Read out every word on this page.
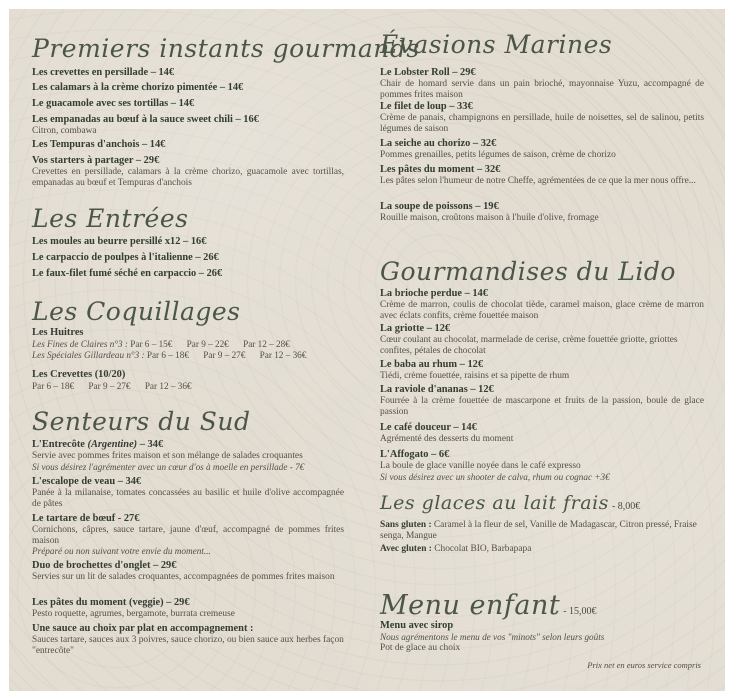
Premiers instants gourmands
Les crevettes en persillade – 14€
Les calamars à la crème chorizo pimentée – 14€
Le guacamole avec ses tortillas – 14€
Les empanadas au bœuf à la sauce sweet chili – 16€
Citron, combawa
Les Tempuras d'anchois – 14€
Vos starters à partager – 29€
Crevettes en persillade, calamars à la crème chorizo, guacamole avec tortillas, empanadas au bœuf et Tempuras d'anchois
Les Entrées
Les moules au beurre persillé x12 – 16€
Le carpaccio de poulpes à l'italienne – 26€
Le faux-filet fumé séché en carpaccio – 26€
Les Coquillages
Les Huitres
Les Fines de Claires n°3 : Par 6 – 15€ Par 9 – 22€ Par 12 – 28€
Les Spéciales Gillardeau n°3 : Par 6 – 18€ Par 9 – 27€ Par 12 – 36€
Les Crevettes (10/20)
Par 6 – 18€ Par 9 – 27€ Par 12 – 36€
Senteurs du Sud
L'Entrecôte (Argentine) – 34€
Servie avec pommes frites maison et son mélange de salades croquantes
Si vous désirez l'agrémenter avec un cœur d'os à moelle en persillade - 7€
L'escalope de veau – 34€
Panée à la milanaise, tomates concassées au basilic et huile d'olive accompagnée de pâtes
Le tartare de bœuf - 27€
Cornichons, câpres, sauce tartare, jaune d'œuf, accompagné de pommes frites maison
Préparé ou non suivant votre envie du moment...
Duo de brochettes d'onglet – 29€
Servies sur un lit de salades croquantes, accompagnées de pommes frites maison
Les pâtes du moment (veggie) – 29€
Pesto roquette, agrumes, bergamote, burrata cremeuse
Une sauce au choix par plat en accompagnement :
Sauces tartare, sauces aux 3 poivres, sauce chorizo, ou bien sauce aux herbes façon "entrecôte"
Évasions Marines
Le Lobster Roll – 29€
Chair de homard servie dans un pain brioché, mayonnaise Yuzu, accompagné de pommes frites maison
Le filet de loup – 33€
Crème de panais, champignons en persillade, huile de noisettes, sel de salinou, petits légumes de saison
La seiche au chorizo – 32€
Pommes grenailles, petits légumes de saison, crème de chorizo
Les pâtes du moment – 32€
Les pâtes selon l'humeur de notre Cheffe, agrémentées de ce que la mer nous offre...
La soupe de poissons – 19€
Rouille maison, croûtons maison à l'huile d'olive, fromage
Gourmandises du Lido
La brioche perdue – 14€
Crème de marron, coulis de chocolat tiède, caramel maison, glace crème de marron avec éclats confits, crème fouettée maison
La griotte – 12€
Cœur coulant au chocolat, marmelade de cerise, crème fouettée griotte, griottes confites, pétales de chocolat
Le baba au rhum – 12€
Tiédi, crème fouettée, raisins et sa pipette de rhum
La raviole d'ananas – 12€
Fourrée à la crème fouettée de mascarpone et fruits de la passion, boule de glace passion
Le café douceur – 14€
Agrémenté des desserts du moment
L'Affogato – 6€
La boule de glace vanille noyée dans le café expresso
Si vous désirez avec un shooter de calva, rhum ou cognac +3€
Les glaces au lait frais - 8,00€
Sans gluten : Caramel à la fleur de sel, Vanille de Madagascar, Citron pressé, Fraise senga, Mangue
Avec gluten : Chocolat BIO, Barbapapa
Menu enfant - 15,00€
Menu avec sirop
Nous agrémentons le menu de vos "minots" selon leurs goûts
Pot de glace au choix
Prix net en euros service compris
